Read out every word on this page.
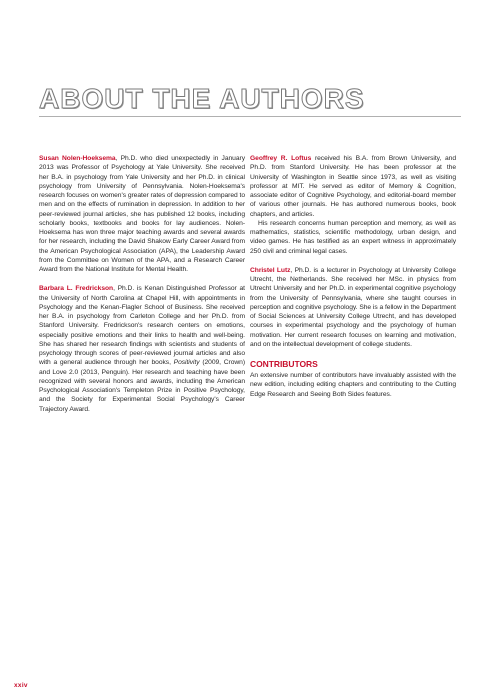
ABOUT THE AUTHORS

Susan Nolen-Hoeksema, Ph.D. who died unexpectedly in January 2013 was Professor of Psychology at Yale University. She received her B.A. in psychology from Yale University and her Ph.D. in clinical psychology from University of Pennsylvania. Nolen-Hoeksema's research focuses on women's greater rates of depression compared to men and on the effects of rumination in depression. In addition to her peer-reviewed journal articles, she has published 12 books, including scholarly books, textbooks and books for lay audiences. Nolen-Hoeksema has won three major teaching awards and several awards for her research, including the David Shakow Early Career Award from the American Psychological Association (APA), the Leadership Award from the Committee on Women of the APA, and a Research Career Award from the National Institute for Mental Health.

Barbara L. Fredrickson, Ph.D. is Kenan Distinguished Professor at the University of North Carolina at Chapel Hill, with appointments in Psychology and the Kenan-Flagler School of Business. She received her B.A. in psychology from Carleton College and her Ph.D. from Stanford University. Fredrickson's research centers on emotions, especially positive emotions and their links to health and well-being. She has shared her research findings with scientists and students of psychology through scores of peer-reviewed journal articles and also with a general audience through her books, Positivity (2009, Crown) and Love 2.0 (2013, Penguin). Her research and teaching have been recognized with several honors and awards, including the American Psychological Association's Templeton Prize in Positive Psychology, and the Society for Experimental Social Psychology's Career Trajectory Award.

Geoffrey R. Loftus received his B.A. from Brown University, and Ph.D. from Stanford University. He has been professor at the University of Washington in Seattle since 1973, as well as visiting professor at MIT. He served as editor of Memory & Cognition, associate editor of Cognitive Psychology, and editorial-board member of various other journals. He has authored numerous books, book chapters, and articles.

His research concerns human perception and memory, as well as mathematics, statistics, scientific methodology, urban design, and video games. He has testified as an expert witness in approximately 250 civil and criminal legal cases.

Christel Lutz, Ph.D. is a lecturer in Psychology at University College Utrecht, the Netherlands. She received her MSc. in physics from Utrecht University and her Ph.D. in experimental cognitive psychology from the University of Pennsylvania, where she taught courses in perception and cognitive psychology. She is a fellow in the Department of Social Sciences at University College Utrecht, and has developed courses in experimental psychology and the psychology of human motivation. Her current research focuses on learning and motivation, and on the intellectual development of college students.

CONTRIBUTORS

An extensive number of contributors have invaluably assisted with the new edition, including editing chapters and contributing to the Cutting Edge Research and Seeing Both Sides features.

xxiv
